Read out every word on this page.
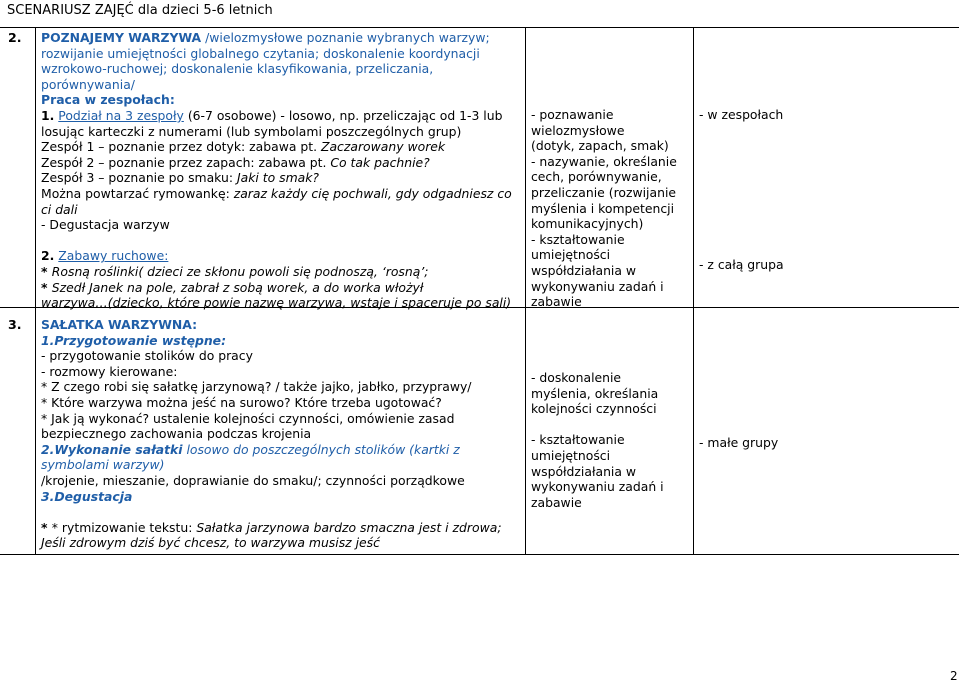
SCENARIUSZ ZAJĘĆ dla dzieci 5-6 letnich
2. POZNAJEMY WARZYWA /wielozmysłowe poznanie wybranych warzyw;

rozwijanie umiejętności globalnego czytania; doskonalenie koordynacji

wzrokowo-ruchowej; doskonalenie klasyfikowania, przeliczania,

porównywania/

Praca w zespołach:

1. Podział na 3 zespoły (6-7 osobowe) - losowo, np. przeliczając od 1-3 lub

losując karteczki z numerami (lub symbolami poszczególnych grup)

Zespół 1 – poznanie przez dotyk: zabawa pt. Zaczarowany worek

Zespół 2 – poznanie przez zapach: zabawa pt. Co tak pachnie?

Zespół 3 – poznanie po smaku: Jaki to smak?

Można powtarzać rymowankę: zaraz każdy cię pochwali, gdy odgadniesz co

ci dali

- Degustacja warzyw

2. Zabawy ruchowe:

* Rosną roślinki( dzieci ze skłonu powoli się podnoszą, ‘rosną’;

* Szedł Janek na pole, zabrał z sobą worek, a do worka włożył

warzywa…(dziecko, które powie nazwę warzywa, wstaje i spaceruje po sali)

- poznawanie

wielozmysłowe

(dotyk, zapach, smak)

- nazywanie, określanie

cech, porównywanie,

przeliczanie (rozwijanie

myślenia i kompetencji

komunikacyjnych)

- kształtowanie

umiejętności

współdziałania w

wykonywaniu zadań i

zabawie

- w zespołach
- z całą grupa
3. SAŁATKA WARZYWNA:

1.Przygotowanie wstępne:

- przygotowanie stolików do pracy

- rozmowy kierowane:

* Z czego robi się sałatkę jarzynową? / także jajko, jabłko, przyprawy/

* Które warzywa można jeść na surowo? Które trzeba ugotować?

* Jak ją wykonać? ustalenie kolejności czynności, omówienie zasad

bezpiecznego zachowania podczas krojenia

2.Wykonanie sałatki losowo do poszczególnych stolików (kartki z

symbolami warzyw)

/krojenie, mieszanie, doprawianie do smaku/; czynności porządkowe

3.Degustacja

* * rytmizowanie tekstu: Sałatka jarzynowa bardzo smaczna jest i zdrowa;

Jeśli zdrowym dziś być chcesz, to warzywa musisz jeść

- doskonalenie

myślenia, określania

kolejności czynności

- kształtowanie

umiejętności

współdziałania w

wykonywaniu zadań i

zabawie

- małe grupy
2
